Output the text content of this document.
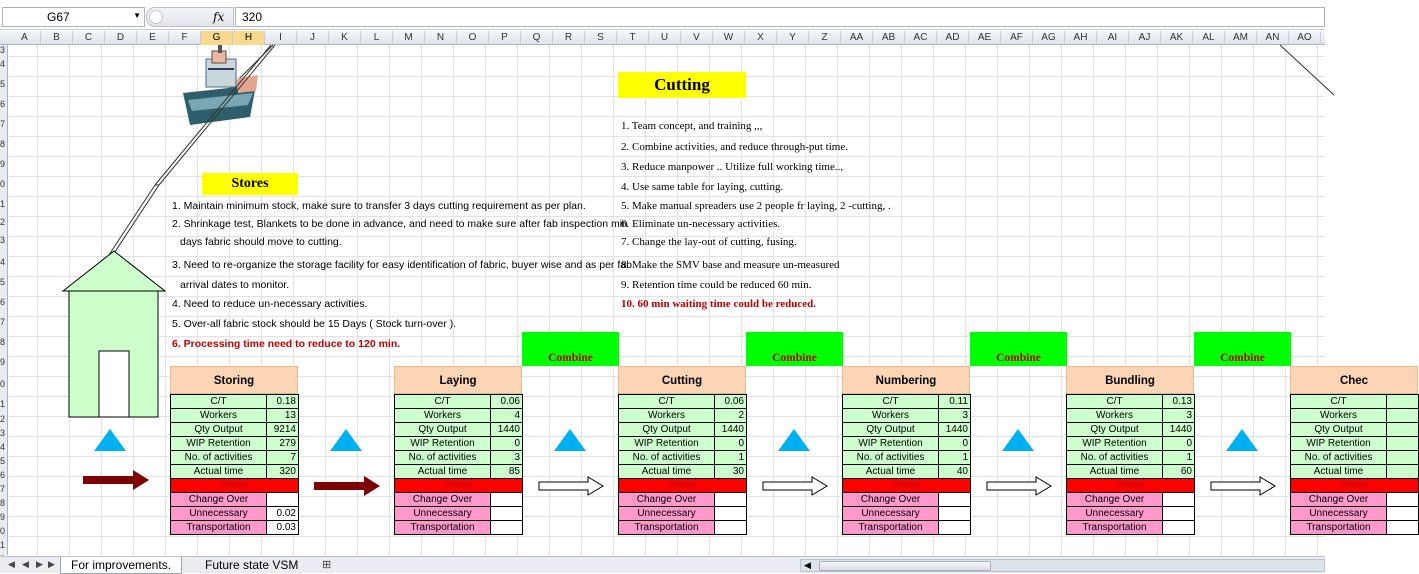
G67	▼	fx	320
A	B	C	D	E	F	G	H	I	J	K	L	M	N	O	P	Q	R	S	T	U	V	W	X	Y	Z	AA	AB	AC	AD	AE	AF	AG	AH	AI	AJ	AK	AL	AM	AN	AO
3
4
5
6
7
8
9
0
1
2
3
4
5
6
7
8
9
0
1
2
3
4
5
6
7
8
9
0
1
Stores
1. Maintain minimum stock, make sure to transfer 3 days cutting requirement as per plan.
2. Shrinkage test, Blankets to be done in advance, and need to make sure after fab inspection min
days fabric should move to cutting.
3. Need to re-organize the storage facility for easy identification of fabric, buyer wise and as per fab
arrival dates to monitor.
4. Need to reduce un-necessary activities.
5. Over-all fabric stock should be 15 Days ( Stock turn-over ).
6. Processing time need to reduce to 120 min.
Cutting
1. Team concept, and training ,,,
2. Combine activities, and reduce through-put time.
3. Reduce manpower .. Utilize full working time..,
4. Use same table for laying, cutting.
5. Make manual spreaders use 2 people fr laying, 2 -cutting, .
6. Eliminate un-necessary activities.
7. Change the lay-out of cutting, fusing.
8. Make the SMV base and measure un-measured
9. Retention time could be reduced 60 min.
10. 60 min waiting time could be reduced.
Combine	Combine	Combine	Combine
Storing
C/T	0.18
Workers	13
Qty Output	9214
WIP Retention	279
No. of activities	7
Actual time	320
Waste	
Change Over	
Unnecessary	0.02
Transportation	0.03
Laying
C/T	0.06
Workers	4
Qty Output	1440
WIP Retention	0
No. of activities	3
Actual time	85
Waste	
Change Over	
Unnecessary	
Transportation	
Cutting
C/T	0.06
Workers	2
Qty Output	1440
WIP Retention	0
No. of activities	1
Actual time	30
Waste	
Change Over	
Unnecessary	
Transportation	
Numbering
C/T	0.11
Workers	3
Qty Output	1440
WIP Retention	0
No. of activities	1
Actual time	40
Waste	
Change Over	
Unnecessary	
Transportation	
Bundling
C/T	0.13
Workers	3
Qty Output	1440
WIP Retention	0
No. of activities	1
Actual time	60
Waste	
Change Over	
Unnecessary	
Transportation	
Chec
C/T	
Workers	
Qty Output	
WIP Retention	
No. of activities	
Actual time	
Waste	
Change Over	
Unnecessary	
Transportation	
◀ ◀ ▶ ▶	For improvements.	Future state VSM	⊞	◀
